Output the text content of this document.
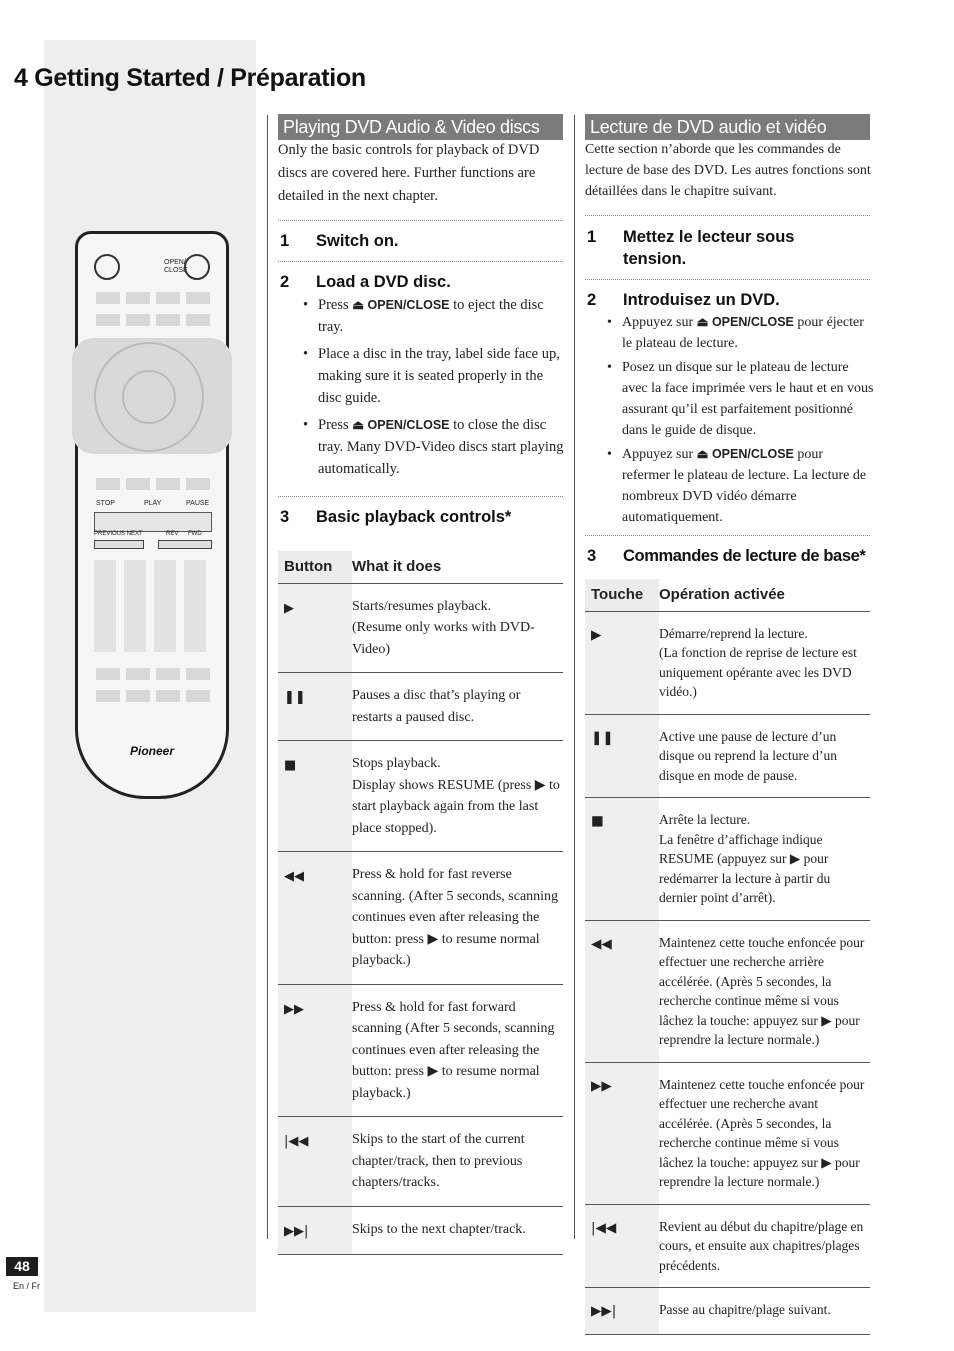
4 Getting Started / Préparation
OPEN/ CLOSE
STOP	PLAY	PAUSE
PREVIOUS NEXT	REV FWD
Pioneer
Playing DVD Audio & Video discs
Only the basic controls for playback of DVD discs are covered here. Further functions are detailed in the next chapter.
1	Switch on.
2	Load a DVD disc.
• Press ⏏ OPEN/CLOSE to eject the disc tray.
• Place a disc in the tray, label side face up, making sure it is seated properly in the disc guide.
• Press ⏏ OPEN/CLOSE to close the disc tray. Many DVD-Video discs start playing automatically.
3	Basic playback controls*
Button	What it does
▶	Starts/resumes playback.
(Resume only works with DVD-Video)
❚❚	Pauses a disc that’s playing or restarts a paused disc.
■	Stops playback.
Display shows RESUME (press ▶ to start playback again from the last place stopped).
◀◀	Press & hold for fast reverse scanning. (After 5 seconds, scanning continues even after releasing the button: press ▶ to resume normal playback.)
▶▶	Press & hold for fast forward scanning (After 5 seconds, scanning continues even after releasing the button: press ▶ to resume normal playback.)
|◀◀	Skips to the start of the current chapter/track, then to previous chapters/tracks.
▶▶|	Skips to the next chapter/track.
Lecture de DVD audio et vidéo
Cette section n’aborde que les commandes de lecture de base des DVD. Les autres fonctions sont détaillées dans le chapitre suivant.
1	Mettez le lecteur sous tension.
2	Introduisez un DVD.
• Appuyez sur ⏏ OPEN/CLOSE pour éjecter le plateau de lecture.
• Posez un disque sur le plateau de lecture avec la face imprimée vers le haut et en vous assurant qu’il est parfaitement positionné dans le guide de disque.
• Appuyez sur ⏏ OPEN/CLOSE pour refermer le plateau de lecture. La lecture de nombreux DVD vidéo démarre automatiquement.
3	Commandes de lecture de base*
Touche	Opération activée
▶	Démarre/reprend la lecture.
(La fonction de reprise de lecture est uniquement opérante avec les DVD vidéo.)
❚❚	Active une pause de lecture d’un disque ou reprend la lecture d’un disque en mode de pause.
■	Arrête la lecture.
La fenêtre d’affichage indique RESUME (appuyez sur ▶ pour redémarrer la lecture à partir du dernier point d’arrêt).
◀◀	Maintenez cette touche enfoncée pour effectuer une recherche arrière accélérée. (Après 5 secondes, la recherche continue même si vous lâchez la touche: appuyez sur ▶ pour reprendre la lecture normale.)
▶▶	Maintenez cette touche enfoncée pour effectuer une recherche avant accélérée. (Après 5 secondes, la recherche continue même si vous lâchez la touche: appuyez sur ▶ pour reprendre la lecture normale.)
|◀◀	Revient au début du chapitre/plage en cours, et ensuite aux chapitres/plages précédents.
▶▶|	Passe au chapitre/plage suivant.
48
En / Fr
